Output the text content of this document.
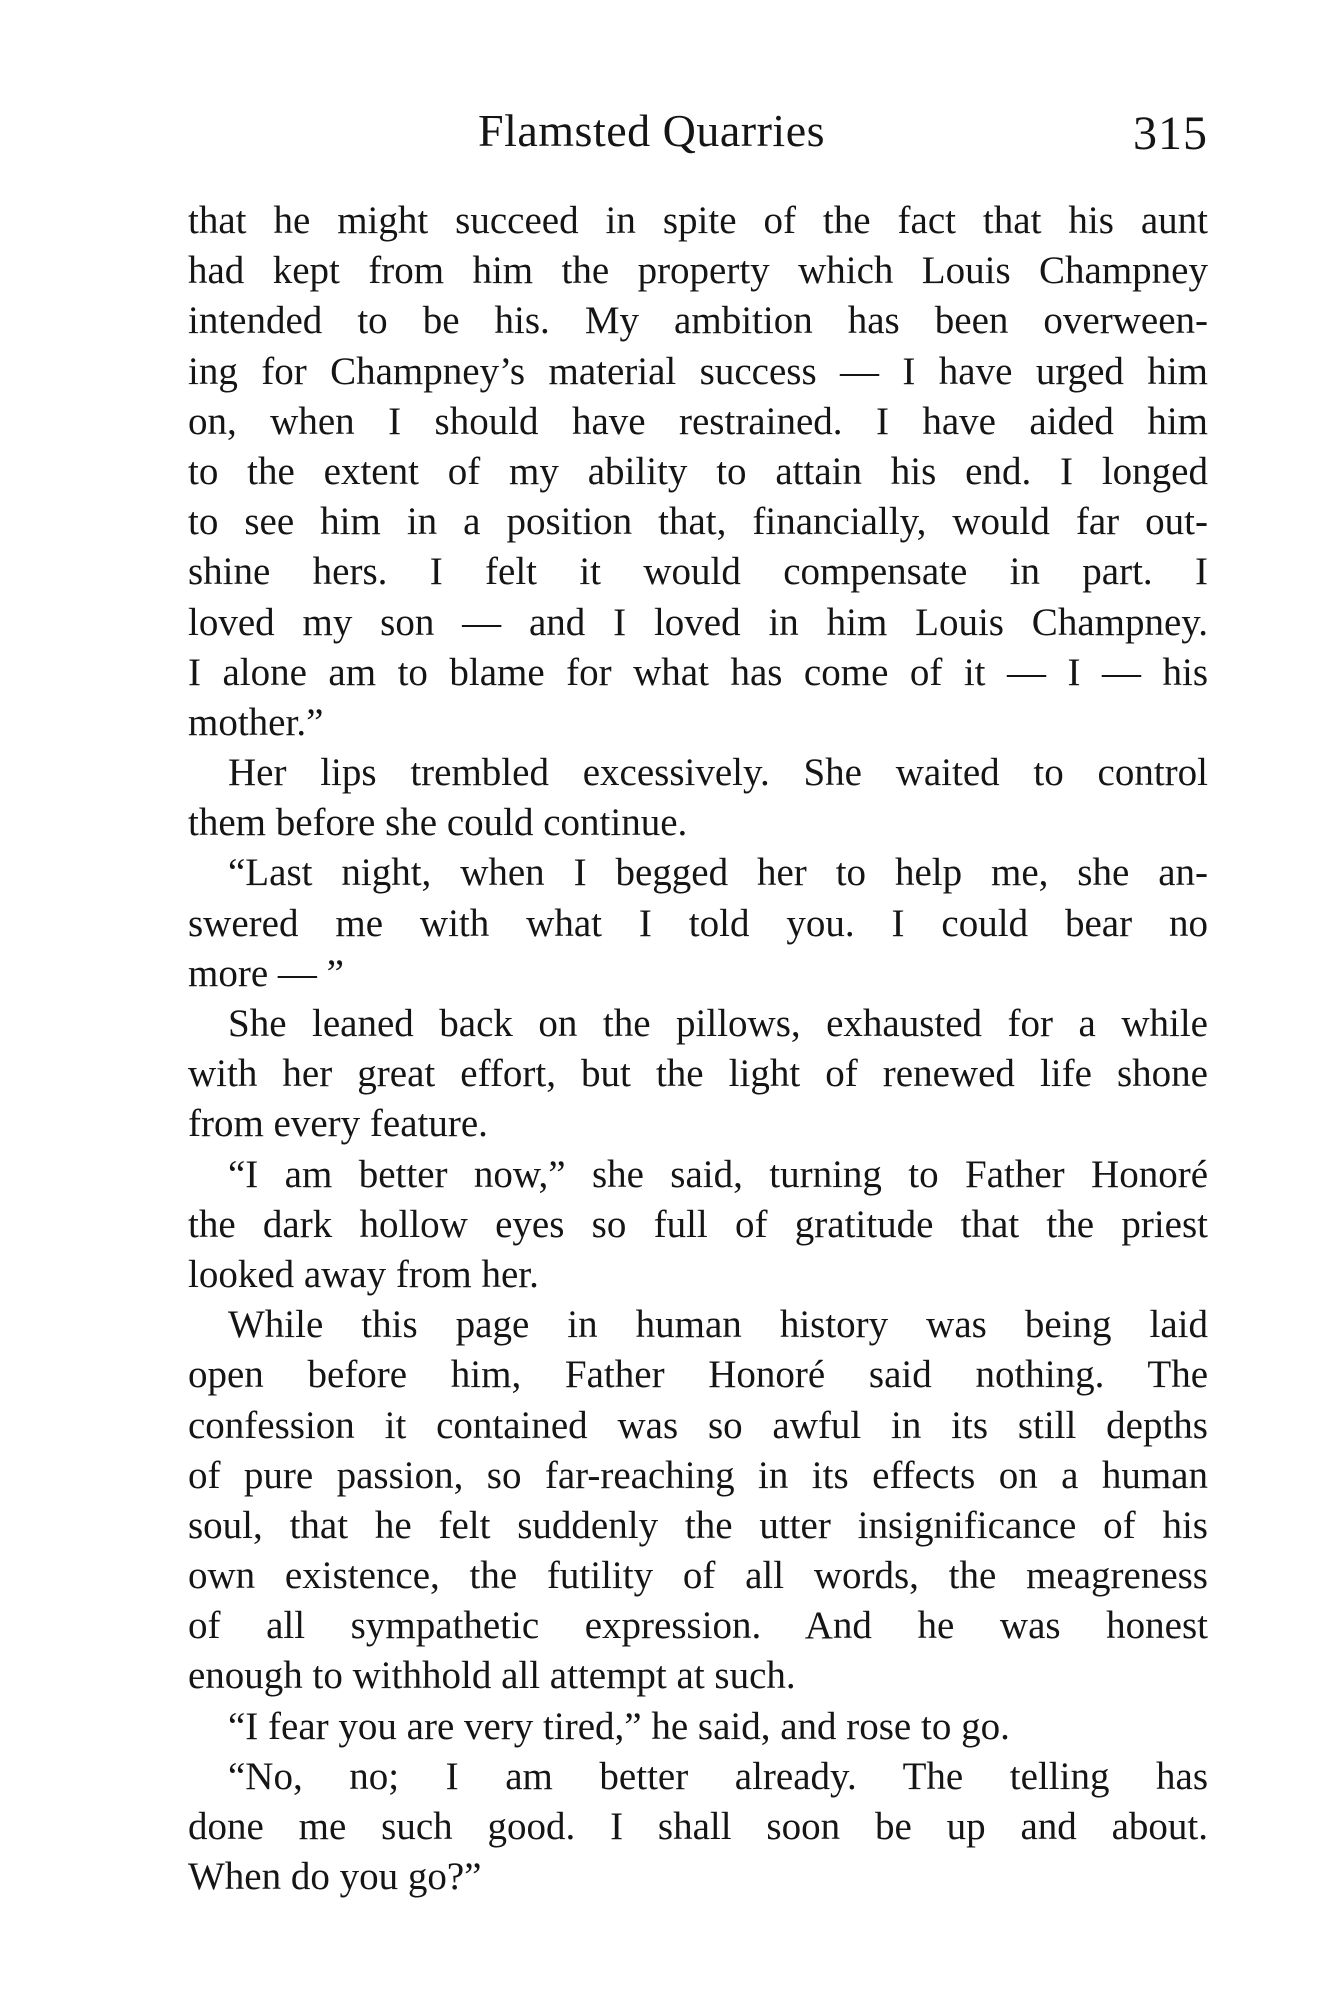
Flamsted Quarries	315
that he might succeed in spite of the fact that his aunt
had kept from him the property which Louis Champney
intended to be his. My ambition has been overween-
ing for Champney’s material success — I have urged him
on, when I should have restrained. I have aided him
to the extent of my ability to attain his end. I longed
to see him in a position that, financially, would far out-
shine hers. I felt it would compensate in part. I
loved my son — and I loved in him Louis Champney.
I alone am to blame for what has come of it — I — his
mother.”
Her lips trembled excessively. She waited to control
them before she could continue.
“Last night, when I begged her to help me, she an-
swered me with what I told you. I could bear no
more — ”
She leaned back on the pillows, exhausted for a while
with her great effort, but the light of renewed life shone
from every feature.
“I am better now,” she said, turning to Father Honoré
the dark hollow eyes so full of gratitude that the priest
looked away from her.
While this page in human history was being laid
open before him, Father Honoré said nothing. The
confession it contained was so awful in its still depths
of pure passion, so far-reaching in its effects on a human
soul, that he felt suddenly the utter insignificance of his
own existence, the futility of all words, the meagreness
of all sympathetic expression. And he was honest
enough to withhold all attempt at such.
“I fear you are very tired,” he said, and rose to go.
“No, no; I am better already. The telling has
done me such good. I shall soon be up and about.
When do you go?”
